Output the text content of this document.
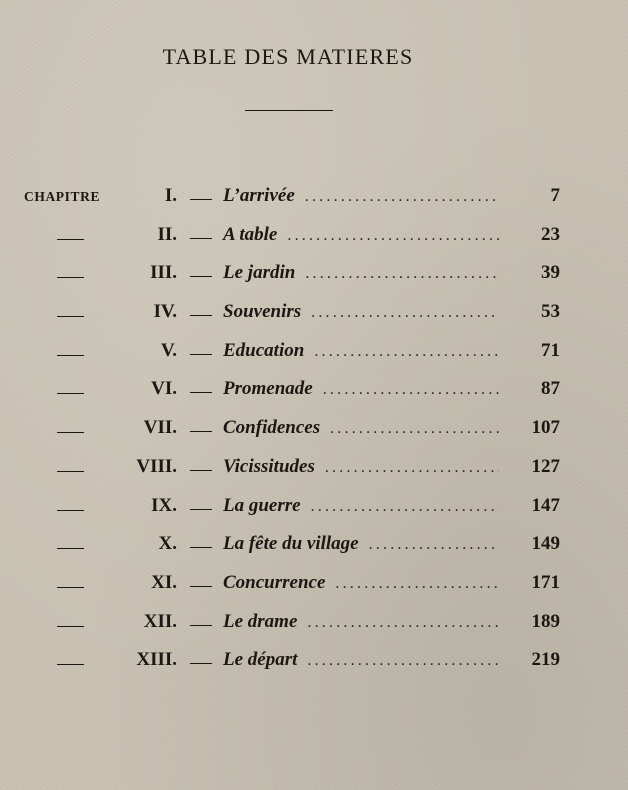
TABLE DES MATIERES
CHAPITRE	I. L’arrivée .....	7
II. A table .....	23
III. Le jardin .....	39
IV. Souvenirs .....	53
V. Education .....	71
VI. Promenade .....	87
VII. Confidences .....	107
VIII. Vicissitudes .....	127
IX. La guerre .....	147
X. La fête du village .....	149
XI. Concurrence .....	171
XII. Le drame .....	189
XIII. Le départ .....	219
